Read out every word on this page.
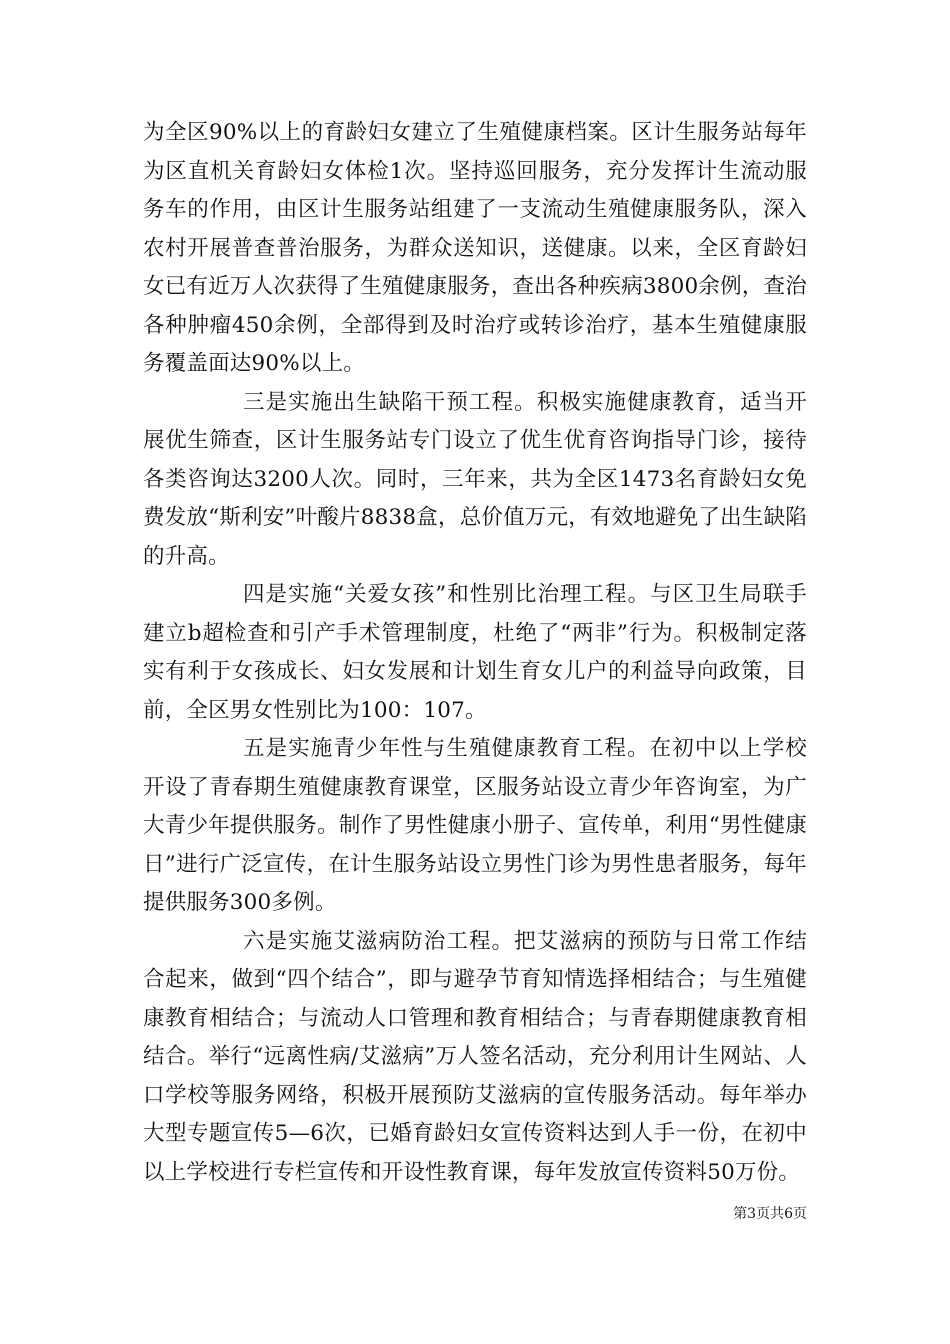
为全区90%以上的育龄妇女建立了生殖健康档案。区计生服务站每年为区直机关育龄妇女体检1次。坚持巡回服务，充分发挥计生流动服务车的作用，由区计生服务站组建了一支流动生殖健康服务队，深入农村开展普查普治服务，为群众送知识，送健康。以来，全区育龄妇女已有近万人次获得了生殖健康服务，查出各种疾病3800余例，查治各种肿瘤450余例，全部得到及时治疗或转诊治疗，基本生殖健康服务覆盖面达90%以上。

三是实施出生缺陷干预工程。积极实施健康教育，适当开展优生筛查，区计生服务站专门设立了优生优育咨询指导门诊，接待各类咨询达3200人次。同时，三年来，共为全区1473名育龄妇女免费发放“斯利安”叶酸片8838盒，总价值万元，有效地避免了出生缺陷的升高。

四是实施“关爱女孩”和性别比治理工程。与区卫生局联手建立b超检查和引产手术管理制度，杜绝了“两非”行为。积极制定落实有利于女孩成长、妇女发展和计划生育女儿户的利益导向政策，目前，全区男女性别比为100：107。

五是实施青少年性与生殖健康教育工程。在初中以上学校开设了青春期生殖健康教育课堂，区服务站设立青少年咨询室，为广大青少年提供服务。制作了男性健康小册子、宣传单，利用“男性健康日”进行广泛宣传，在计生服务站设立男性门诊为男性患者服务，每年提供服务300多例。

六是实施艾滋病防治工程。把艾滋病的预防与日常工作结合起来，做到“四个结合”，即与避孕节育知情选择相结合；与生殖健康教育相结合；与流动人口管理和教育相结合；与青春期健康教育相结合。举行“远离性病/艾滋病”万人签名活动，充分利用计生网站、人口学校等服务网络，积极开展预防艾滋病的宣传服务活动。每年举办大型专题宣传5—6次，已婚育龄妇女宣传资料达到人手一份，在初中以上学校进行专栏宣传和开设性教育课，每年发放宣传资料50万份。

第3页共6页
